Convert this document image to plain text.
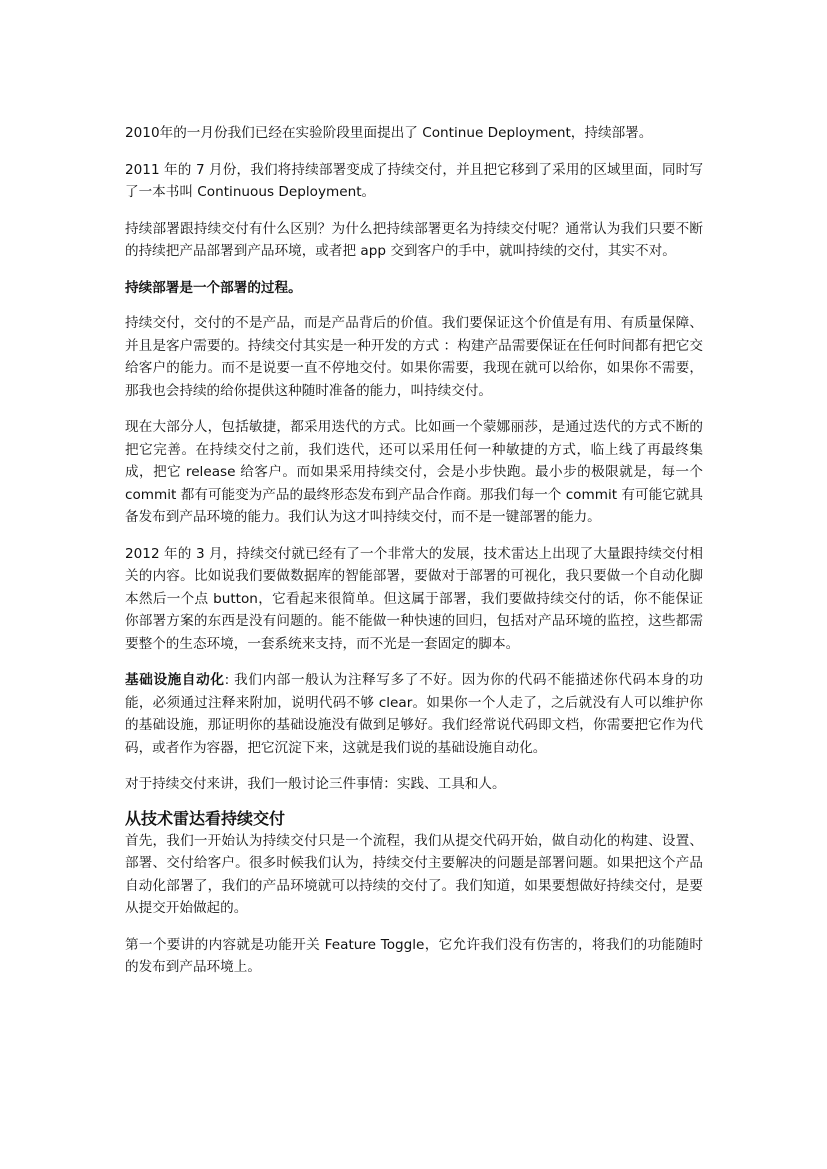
2010年的一月份我们已经在实验阶段里面提出了 Continue Deployment，持续部署。

2011 年的 7 月份，我们将持续部署变成了持续交付，并且把它移到了采用的区域里面，同时写了一本书叫 Continuous Deployment。

持续部署跟持续交付有什么区别？为什么把持续部署更名为持续交付呢？通常认为我们只要不断的持续把产品部署到产品环境，或者把 app 交到客户的手中，就叫持续的交付，其实不对。

持续部署是一个部署的过程。

持续交付，交付的不是产品，而是产品背后的价值。我们要保证这个价值是有用、有质量保障、并且是客户需要的。持续交付其实是一种开发的方式 ：构建产品需要保证在任何时间都有把它交给客户的能力。而不是说要一直不停地交付。如果你需要，我现在就可以给你，如果你不需要，那我也会持续的给你提供这种随时准备的能力，叫持续交付。

现在大部分人，包括敏捷，都采用迭代的方式。比如画一个蒙娜丽莎，是通过迭代的方式不断的把它完善。在持续交付之前，我们迭代，还可以采用任何一种敏捷的方式，临上线了再最终集成，把它 release 给客户。而如果采用持续交付，会是小步快跑。最小步的极限就是，每一个 commit 都有可能变为产品的最终形态发布到产品合作商。那我们每一个 commit 有可能它就具备发布到产品环境的能力。我们认为这才叫持续交付，而不是一键部署的能力。

2012 年的 3 月，持续交付就已经有了一个非常大的发展，技术雷达上出现了大量跟持续交付相关的内容。比如说我们要做数据库的智能部署，要做对于部署的可视化，我只要做一个自动化脚本然后一个点 button，它看起来很简单。但这属于部署，我们要做持续交付的话，你不能保证你部署方案的东西是没有问题的。能不能做一种快速的回归，包括对产品环境的监控，这些都需要整个的生态环境，一套系统来支持，而不光是一套固定的脚本。

基础设施自动化: 我们内部一般认为注释写多了不好。因为你的代码不能描述你代码本身的功能，必须通过注释来附加，说明代码不够 clear。如果你一个人走了，之后就没有人可以维护你的基础设施，那证明你的基础设施没有做到足够好。我们经常说代码即文档，你需要把它作为代码，或者作为容器，把它沉淀下来，这就是我们说的基础设施自动化。

对于持续交付来讲，我们一般讨论三件事情：实践、工具和人。

从技术雷达看持续交付

首先，我们一开始认为持续交付只是一个流程，我们从提交代码开始，做自动化的构建、设置、部署、交付给客户。很多时候我们认为，持续交付主要解决的问题是部署问题。如果把这个产品自动化部署了，我们的产品环境就可以持续的交付了。我们知道，如果要想做好持续交付，是要从提交开始做起的。

第一个要讲的内容就是功能开关 Feature Toggle，它允许我们没有伤害的，将我们的功能随时的发布到产品环境上。
